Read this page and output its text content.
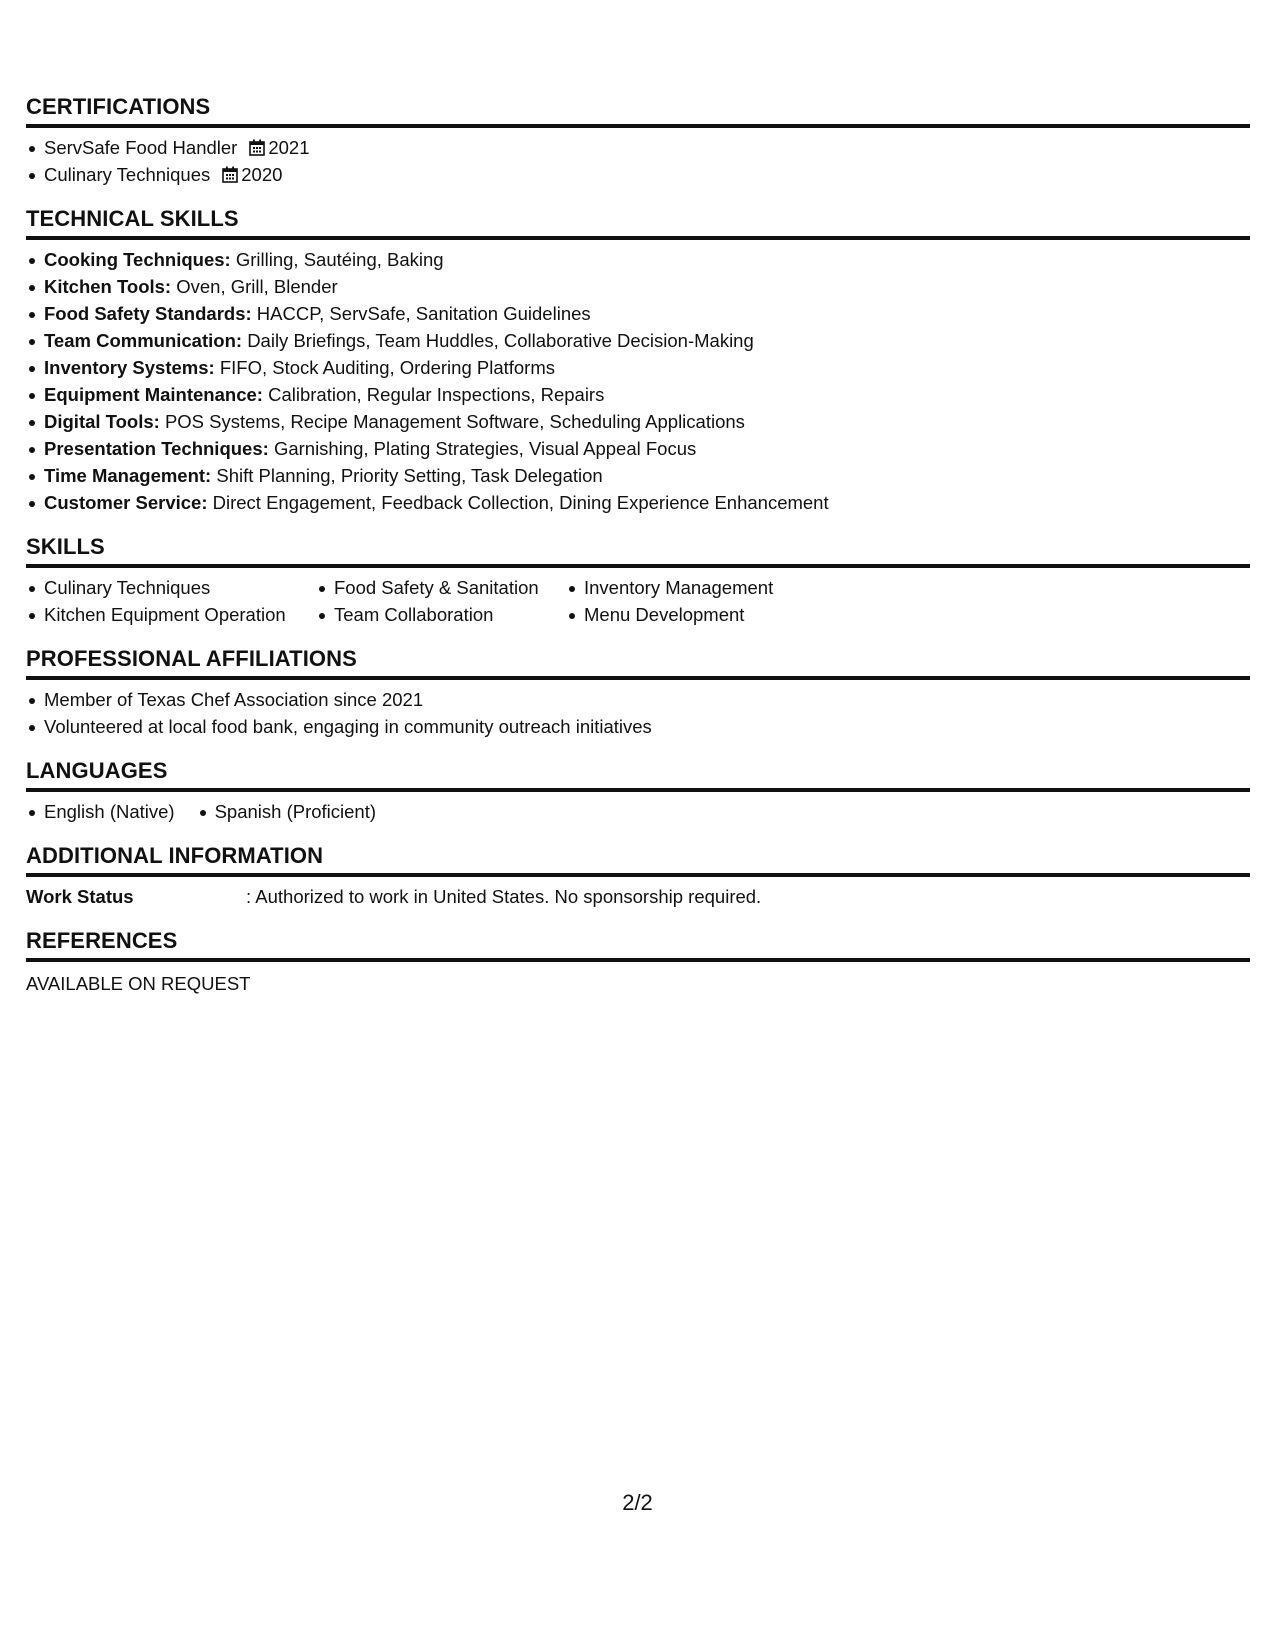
CERTIFICATIONS
ServSafe Food Handler 2021
Culinary Techniques 2020
TECHNICAL SKILLS
Cooking Techniques: Grilling, Sautéing, Baking
Kitchen Tools: Oven, Grill, Blender
Food Safety Standards: HACCP, ServSafe, Sanitation Guidelines
Team Communication: Daily Briefings, Team Huddles, Collaborative Decision-Making
Inventory Systems: FIFO, Stock Auditing, Ordering Platforms
Equipment Maintenance: Calibration, Regular Inspections, Repairs
Digital Tools: POS Systems, Recipe Management Software, Scheduling Applications
Presentation Techniques: Garnishing, Plating Strategies, Visual Appeal Focus
Time Management: Shift Planning, Priority Setting, Task Delegation
Customer Service: Direct Engagement, Feedback Collection, Dining Experience Enhancement
SKILLS
Culinary Techniques
Kitchen Equipment Operation
Food Safety & Sanitation
Team Collaboration
Inventory Management
Menu Development
PROFESSIONAL AFFILIATIONS
Member of Texas Chef Association since 2021
Volunteered at local food bank, engaging in community outreach initiatives
LANGUAGES
English (Native)	Spanish (Proficient)
ADDITIONAL INFORMATION
Work Status	: Authorized to work in United States. No sponsorship required.
REFERENCES
AVAILABLE ON REQUEST
2/2
